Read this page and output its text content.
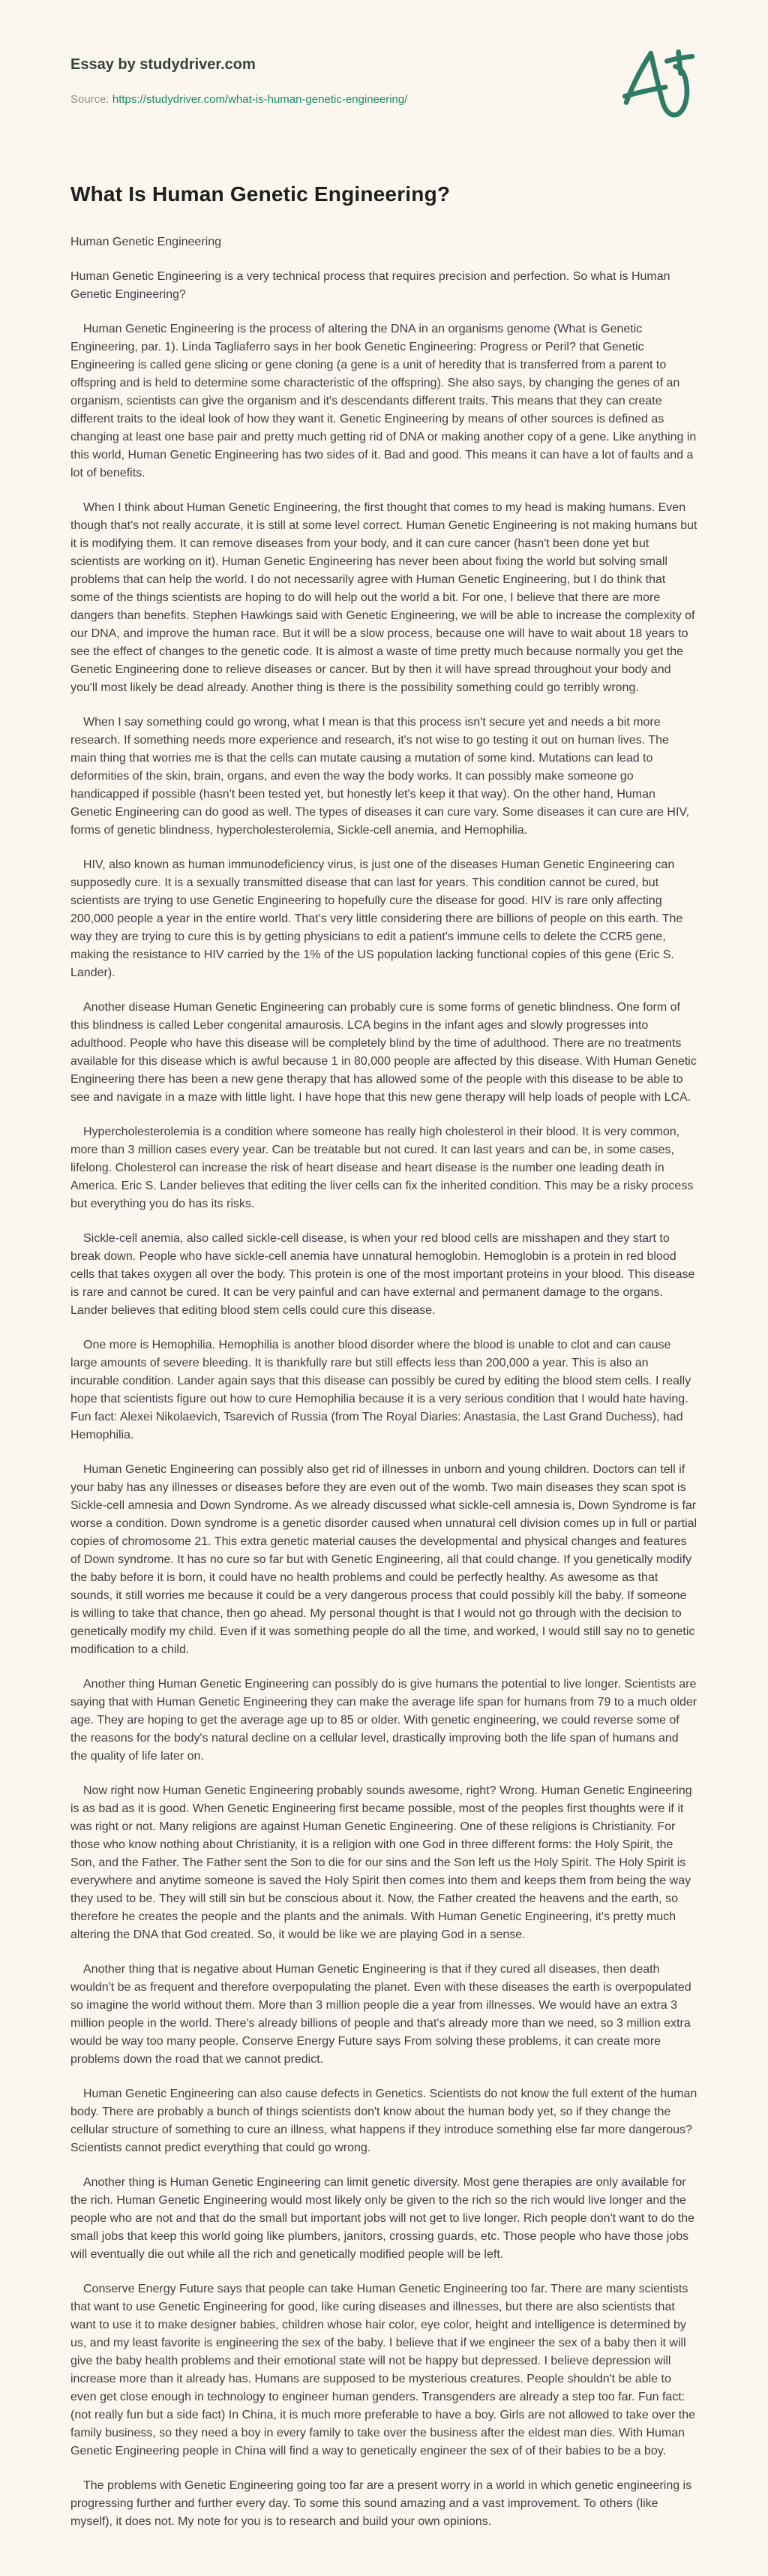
Essay by studydriver.com
Source: https://studydriver.com/what-is-human-genetic-engineering/
What Is Human Genetic Engineering?

Human Genetic Engineering

Human Genetic Engineering is a very technical process that requires precision and perfection. So what is Human Genetic Engineering?

Human Genetic Engineering is the process of altering the DNA in an organisms genome (What is Genetic Engineering, par. 1). Linda Tagliaferro says in her book Genetic Engineering: Progress or Peril? that Genetic Engineering is called gene slicing or gene cloning (a gene is a unit of heredity that is transferred from a parent to offspring and is held to determine some characteristic of the offspring). She also says, by changing the genes of an organism, scientists can give the organism and it's descendants different traits. This means that they can create different traits to the ideal look of how they want it. Genetic Engineering by means of other sources is defined as changing at least one base pair and pretty much getting rid of DNA or making another copy of a gene. Like anything in this world, Human Genetic Engineering has two sides of it. Bad and good. This means it can have a lot of faults and a lot of benefits.

When I think about Human Genetic Engineering, the first thought that comes to my head is making humans. Even though that's not really accurate, it is still at some level correct. Human Genetic Engineering is not making humans but it is modifying them. It can remove diseases from your body, and it can cure cancer (hasn't been done yet but scientists are working on it). Human Genetic Engineering has never been about fixing the world but solving small problems that can help the world. I do not necessarily agree with Human Genetic Engineering, but I do think that some of the things scientists are hoping to do will help out the world a bit. For one, I believe that there are more dangers than benefits. Stephen Hawkings said with Genetic Engineering, we will be able to increase the complexity of our DNA, and improve the human race. But it will be a slow process, because one will have to wait about 18 years to see the effect of changes to the genetic code. It is almost a waste of time pretty much because normally you get the Genetic Engineering done to relieve diseases or cancer. But by then it will have spread throughout your body and you'll most likely be dead already. Another thing is there is the possibility something could go terribly wrong.

When I say something could go wrong, what I mean is that this process isn't secure yet and needs a bit more research. If something needs more experience and research, it's not wise to go testing it out on human lives. The main thing that worries me is that the cells can mutate causing a mutation of some kind. Mutations can lead to deformities of the skin, brain, organs, and even the way the body works. It can possibly make someone go handicapped if possible (hasn't been tested yet, but honestly let's keep it that way). On the other hand, Human Genetic Engineering can do good as well. The types of diseases it can cure vary. Some diseases it can cure are HIV, forms of genetic blindness, hypercholesterolemia, Sickle-cell anemia, and Hemophilia.

HIV, also known as human immunodeficiency virus, is just one of the diseases Human Genetic Engineering can supposedly cure. It is a sexually transmitted disease that can last for years. This condition cannot be cured, but scientists are trying to use Genetic Engineering to hopefully cure the disease for good. HIV is rare only affecting 200,000 people a year in the entire world. That's very little considering there are billions of people on this earth. The way they are trying to cure this is by getting physicians to edit a patient's immune cells to delete the CCR5 gene, making the resistance to HIV carried by the 1% of the US population lacking functional copies of this gene (Eric S. Lander).

Another disease Human Genetic Engineering can probably cure is some forms of genetic blindness. One form of this blindness is called Leber congenital amaurosis. LCA begins in the infant ages and slowly progresses into adulthood. People who have this disease will be completely blind by the time of adulthood. There are no treatments available for this disease which is awful because 1 in 80,000 people are affected by this disease. With Human Genetic Engineering there has been a new gene therapy that has allowed some of the people with this disease to be able to see and navigate in a maze with little light. I have hope that this new gene therapy will help loads of people with LCA.

Hypercholesterolemia is a condition where someone has really high cholesterol in their blood. It is very common, more than 3 million cases every year. Can be treatable but not cured. It can last years and can be, in some cases, lifelong. Cholesterol can increase the risk of heart disease and heart disease is the number one leading death in America. Eric S. Lander believes that editing the liver cells can fix the inherited condition. This may be a risky process but everything you do has its risks.

Sickle-cell anemia, also called sickle-cell disease, is when your red blood cells are misshapen and they start to break down. People who have sickle-cell anemia have unnatural hemoglobin. Hemoglobin is a protein in red blood cells that takes oxygen all over the body. This protein is one of the most important proteins in your blood. This disease is rare and cannot be cured. It can be very painful and can have external and permanent damage to the organs. Lander believes that editing blood stem cells could cure this disease.

One more is Hemophilia. Hemophilia is another blood disorder where the blood is unable to clot and can cause large amounts of severe bleeding. It is thankfully rare but still effects less than 200,000 a year. This is also an incurable condition. Lander again says that this disease can possibly be cured by editing the blood stem cells. I really hope that scientists figure out how to cure Hemophilia because it is a very serious condition that I would hate having. Fun fact: Alexei Nikolaevich, Tsarevich of Russia (from The Royal Diaries: Anastasia, the Last Grand Duchess), had Hemophilia.

Human Genetic Engineering can possibly also get rid of illnesses in unborn and young children. Doctors can tell if your baby has any illnesses or diseases before they are even out of the womb. Two main diseases they scan spot is Sickle-cell amnesia and Down Syndrome. As we already discussed what sickle-cell amnesia is, Down Syndrome is far worse a condition. Down syndrome is a genetic disorder caused when unnatural cell division comes up in full or partial copies of chromosome 21. This extra genetic material causes the developmental and physical changes and features of Down syndrome. It has no cure so far but with Genetic Engineering, all that could change. If you genetically modify the baby before it is born, it could have no health problems and could be perfectly healthy. As awesome as that sounds, it still worries me because it could be a very dangerous process that could possibly kill the baby. If someone is willing to take that chance, then go ahead. My personal thought is that I would not go through with the decision to genetically modify my child. Even if it was something people do all the time, and worked, I would still say no to genetic modification to a child.

Another thing Human Genetic Engineering can possibly do is give humans the potential to live longer. Scientists are saying that with Human Genetic Engineering they can make the average life span for humans from 79 to a much older age. They are hoping to get the average age up to 85 or older. With genetic engineering, we could reverse some of the reasons for the body's natural decline on a cellular level, drastically improving both the life span of humans and the quality of life later on.

Now right now Human Genetic Engineering probably sounds awesome, right? Wrong. Human Genetic Engineering is as bad as it is good. When Genetic Engineering first became possible, most of the peoples first thoughts were if it was right or not. Many religions are against Human Genetic Engineering. One of these religions is Christianity. For those who know nothing about Christianity, it is a religion with one God in three different forms: the Holy Spirit, the Son, and the Father. The Father sent the Son to die for our sins and the Son left us the Holy Spirit. The Holy Spirit is everywhere and anytime someone is saved the Holy Spirit then comes into them and keeps them from being the way they used to be. They will still sin but be conscious about it. Now, the Father created the heavens and the earth, so therefore he creates the people and the plants and the animals. With Human Genetic Engineering, it's pretty much altering the DNA that God created. So, it would be like we are playing God in a sense.

Another thing that is negative about Human Genetic Engineering is that if they cured all diseases, then death wouldn't be as frequent and therefore overpopulating the planet. Even with these diseases the earth is overpopulated so imagine the world without them. More than 3 million people die a year from illnesses. We would have an extra 3 million people in the world. There's already billions of people and that's already more than we need, so 3 million extra would be way too many people. Conserve Energy Future says From solving these problems, it can create more problems down the road that we cannot predict.

Human Genetic Engineering can also cause defects in Genetics. Scientists do not know the full extent of the human body. There are probably a bunch of things scientists don't know about the human body yet, so if they change the cellular structure of something to cure an illness, what happens if they introduce something else far more dangerous? Scientists cannot predict everything that could go wrong.

Another thing is Human Genetic Engineering can limit genetic diversity. Most gene therapies are only available for the rich. Human Genetic Engineering would most likely only be given to the rich so the rich would live longer and the people who are not and that do the small but important jobs will not get to live longer. Rich people don't want to do the small jobs that keep this world going like plumbers, janitors, crossing guards, etc. Those people who have those jobs will eventually die out while all the rich and genetically modified people will be left.

Conserve Energy Future says that people can take Human Genetic Engineering too far. There are many scientists that want to use Genetic Engineering for good, like curing diseases and illnesses, but there are also scientists that want to use it to make designer babies, children whose hair color, eye color, height and intelligence is determined by us, and my least favorite is engineering the sex of the baby. I believe that if we engineer the sex of a baby then it will give the baby health problems and their emotional state will not be happy but depressed. I believe depression will increase more than it already has. Humans are supposed to be mysterious creatures. People shouldn't be able to even get close enough in technology to engineer human genders. Transgenders are already a step too far. Fun fact: (not really fun but a side fact) In China, it is much more preferable to have a boy. Girls are not allowed to take over the family business, so they need a boy in every family to take over the business after the eldest man dies. With Human Genetic Engineering people in China will find a way to genetically engineer the sex of of their babies to be a boy.

The problems with Genetic Engineering going too far are a present worry in a world in which genetic engineering is progressing further and further every day. To some this sound amazing and a vast improvement. To others (like myself), it does not. My note for you is to research and build your own opinions.
